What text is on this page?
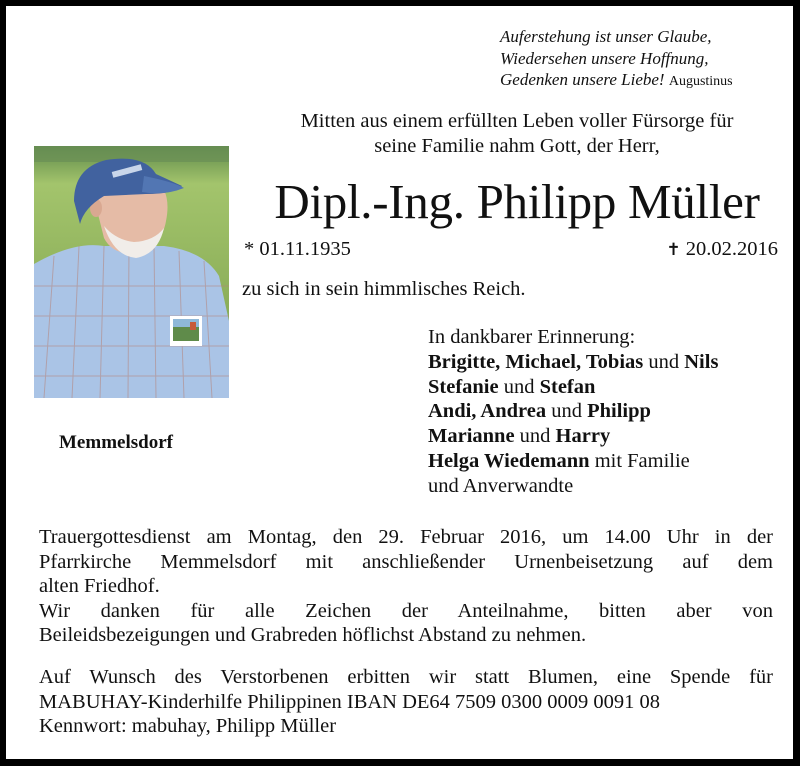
Auferstehung ist unser Glaube,
Wiedersehen unsere Hoffnung,
Gedenken unsere Liebe! Augustinus
Mitten aus einem erfüllten Leben voller Fürsorge für
seine Familie nahm Gott, der Herr,
Dipl.-Ing. Philipp Müller
* 01.11.1935	✝ 20.02.2016
zu sich in sein himmlisches Reich.
Memmelsdorf
In dankbarer Erinnerung:
Brigitte, Michael, Tobias und Nils
Stefanie und Stefan
Andi, Andrea und Philipp
Marianne und Harry
Helga Wiedemann mit Familie
und Anverwandte
Trauergottesdienst am Montag, den 29. Februar 2016, um 14.00 Uhr in der
Pfarrkirche Memmelsdorf mit anschließender Urnenbeisetzung auf dem
alten Friedhof.
Wir danken für alle Zeichen der Anteilnahme, bitten aber von
Beileidsbezeigungen und Grabreden höflichst Abstand zu nehmen.
Auf Wunsch des Verstorbenen erbitten wir statt Blumen, eine Spende für
MABUHAY-Kinderhilfe Philippinen IBAN DE64 7509 0300 0009 0091 08
Kennwort: mabuhay, Philipp Müller
